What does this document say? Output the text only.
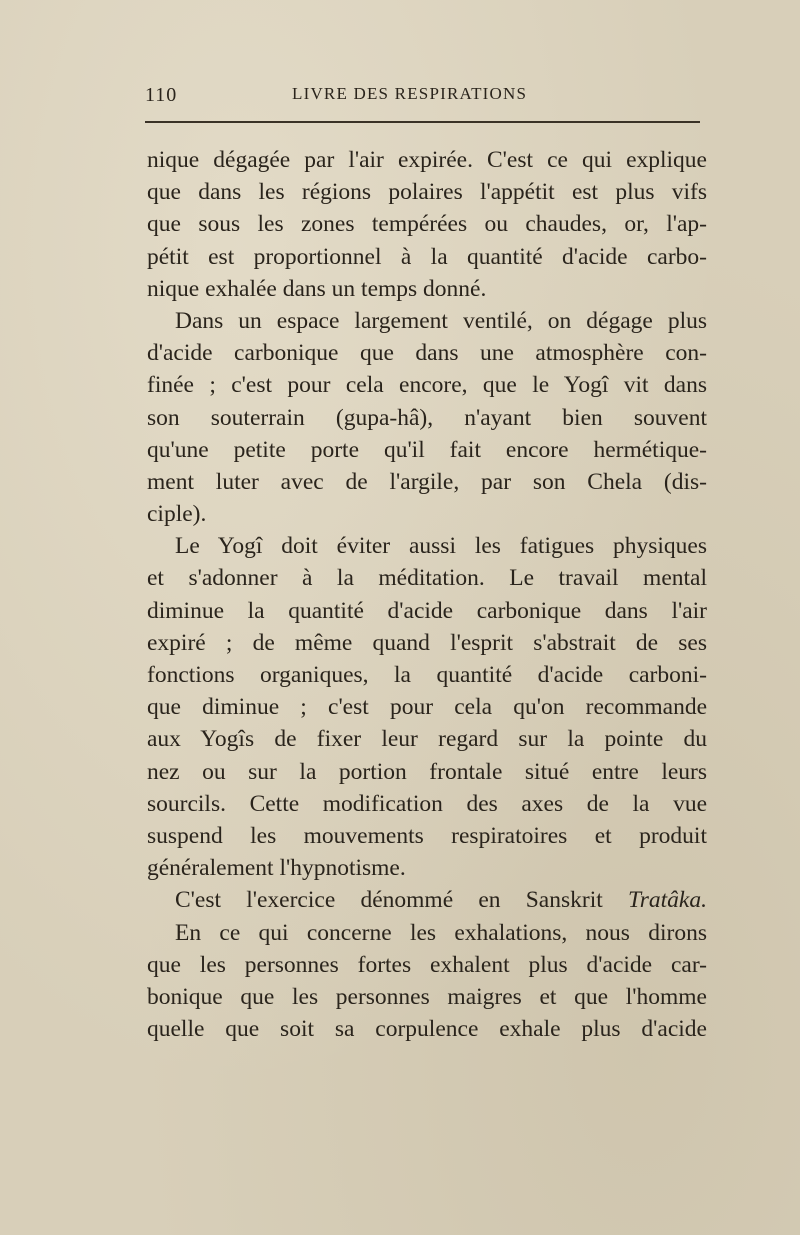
110	LIVRE DES RESPIRATIONS
nique dégagée par l'air expirée. C'est ce qui explique
que dans les régions polaires l'appétit est plus vifs
que sous les zones tempérées ou chaudes, or, l'ap-
pétit est proportionnel à la quantité d'acide carbo-
nique exhalée dans un temps donné.
Dans un espace largement ventilé, on dégage plus
d'acide carbonique que dans une atmosphère con-
finée ; c'est pour cela encore, que le Yogî vit dans
son souterrain (gupa-hâ), n'ayant bien souvent
qu'une petite porte qu'il fait encore hermétique-
ment luter avec de l'argile, par son Chela (dis-
ciple).
Le Yogî doit éviter aussi les fatigues physiques
et s'adonner à la méditation. Le travail mental
diminue la quantité d'acide carbonique dans l'air
expiré ; de même quand l'esprit s'abstrait de ses
fonctions organiques, la quantité d'acide carboni-
que diminue ; c'est pour cela qu'on recommande
aux Yogîs de fixer leur regard sur la pointe du
nez ou sur la portion frontale situé entre leurs
sourcils. Cette modification des axes de la vue
suspend les mouvements respiratoires et produit
généralement l'hypnotisme.
C'est l'exercice dénommé en Sanskrit Tratâka.
En ce qui concerne les exhalations, nous dirons
que les personnes fortes exhalent plus d'acide car-
bonique que les personnes maigres et que l'homme
quelle que soit sa corpulence exhale plus d'acide
